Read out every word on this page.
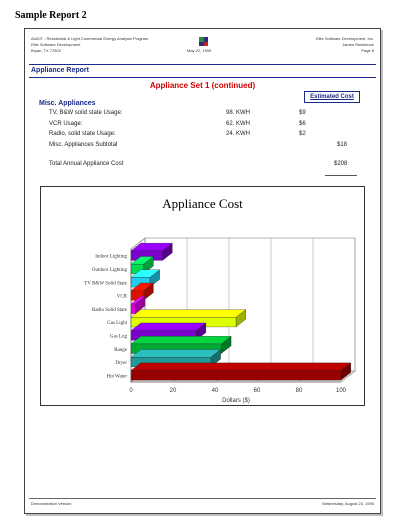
Sample Report 2
AUDIT - Residential & Light Commercial Energy Analysis Program
Elite Software Development
Bryan, TX 77802	May 22, 1995
Elite Software Development, Inc.
James Residence
Page 8
Appliance Report
Appliance Set 1 (continued)
Estimated Cost
Misc. Appliances
TV, B&W solid state Usage:	98. KWH	$9
VCR Usage:	62. KWH	$6
Radio, solid state Usage:	24. KWH	$2
Misc. Appliances Subtotal	$18
Total Annual Appliance Cost	$208
Appliance Cost
0	20	40	60	80	100
Indoor Lighting
Outdoor Lighting
TV B&W Solid State
VCR
Radio Solid State
Gas Light
Gas Log
Range
Dryer
Hot Water
Dollars ($)
Demonstration Version	Wednesday, August 23, 1995
